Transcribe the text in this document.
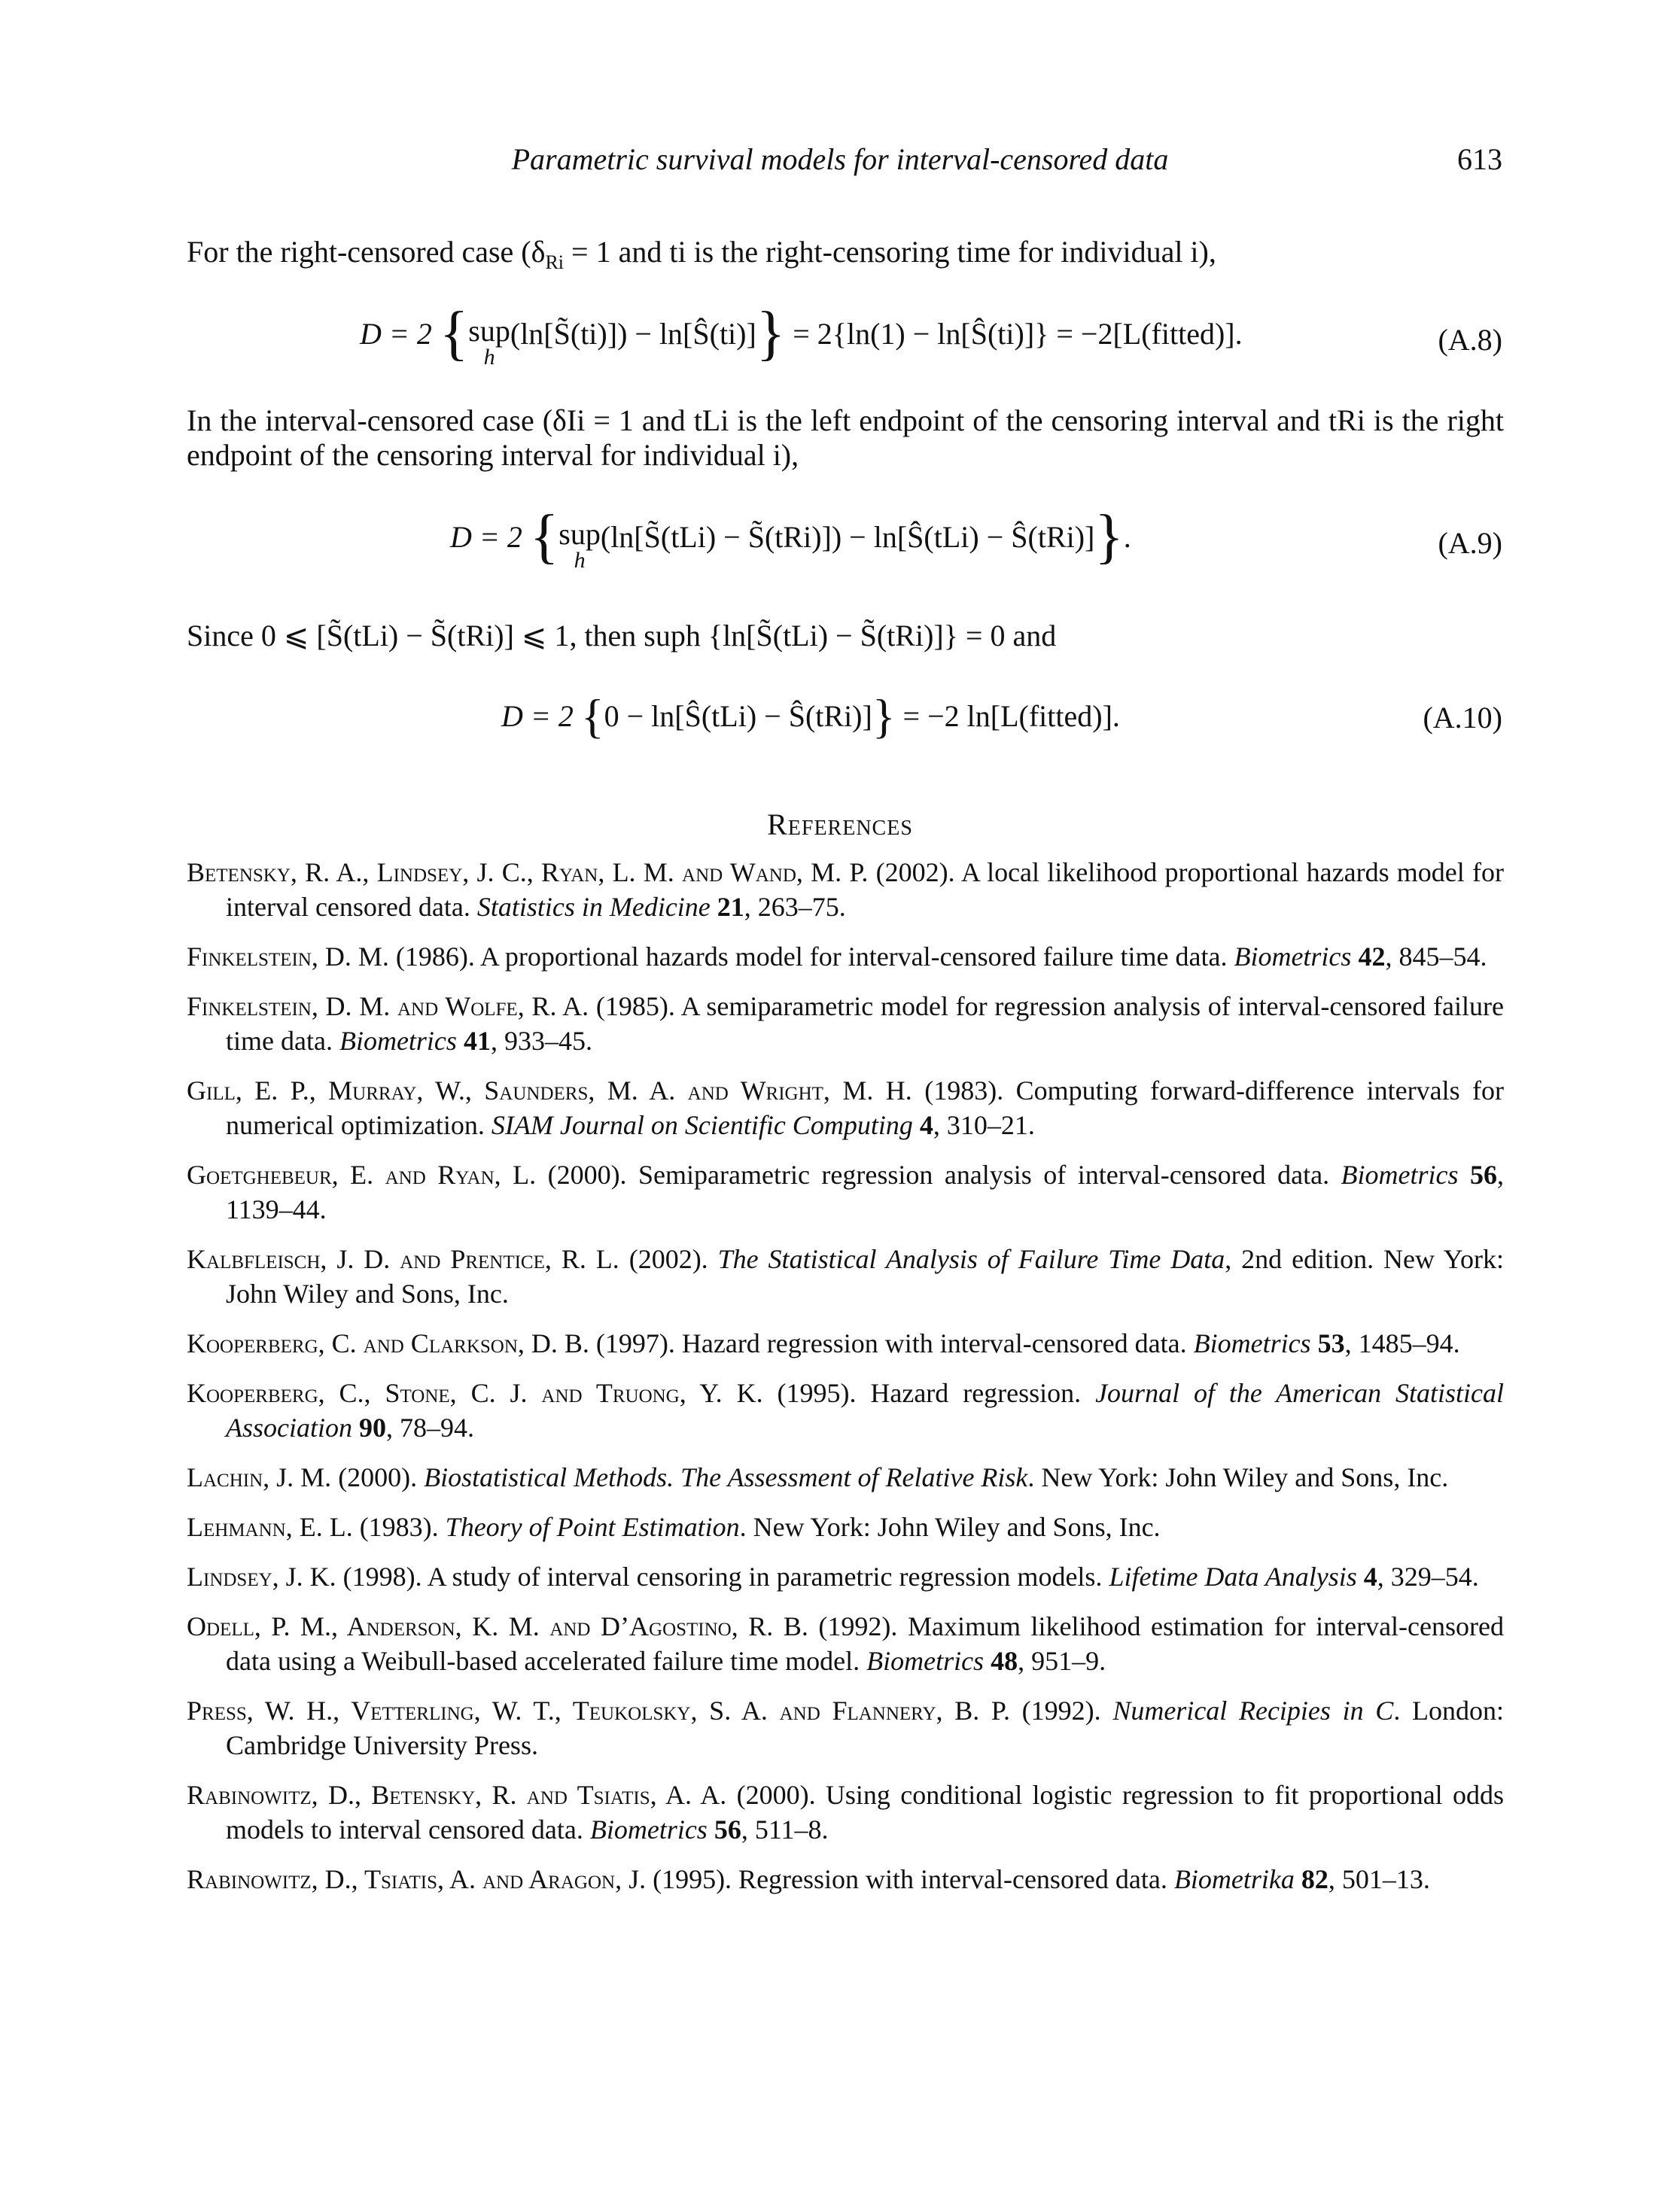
Parametric survival models for interval-censored data	613
For the right-censored case ($\delta_{Ri} = 1$ and ti is the right-censoring time for individual i),
D = 2 {sup
h
(ln[S̃(ti)]) − ln[Ŝ(ti)]} = 2{ln(1) − ln[Ŝ(ti)]} = −2[L(fitted)].	(A.8)
In the interval-censored case (δIi = 1 and tLi is the left endpoint of the censoring interval and tRi is the right endpoint of the censoring interval for individual i),
D = 2 {sup
h
(ln[S̃(tLi) − S̃(tRi)]) − ln[Ŝ(tLi) − Ŝ(tRi)]}.	(A.9)
Since 0 ⩽ [S̃(tLi) − S̃(tRi)] ⩽ 1, then suph {ln[S̃(tLi) − S̃(tRi)]} = 0 and
D = 2 {0 − ln[Ŝ(tLi) − Ŝ(tRi)]} = −2 ln[L(fitted)].	(A.10)
References
Betensky, R. A., Lindsey, J. C., Ryan, L. M. and Wand, M. P. (2002). A local likelihood proportional hazards model for interval censored data. Statistics in Medicine 21, 263–75.
Finkelstein, D. M. (1986). A proportional hazards model for interval-censored failure time data. Biometrics 42, 845–54.
Finkelstein, D. M. and Wolfe, R. A. (1985). A semiparametric model for regression analysis of interval-censored failure time data. Biometrics 41, 933–45.
Gill, E. P., Murray, W., Saunders, M. A. and Wright, M. H. (1983). Computing forward-difference intervals for numerical optimization. SIAM Journal on Scientific Computing 4, 310–21.
Goetghebeur, E. and Ryan, L. (2000). Semiparametric regression analysis of interval-censored data. Biometrics 56, 1139–44.
Kalbfleisch, J. D. and Prentice, R. L. (2002). The Statistical Analysis of Failure Time Data, 2nd edition. New York: John Wiley and Sons, Inc.
Kooperberg, C. and Clarkson, D. B. (1997). Hazard regression with interval-censored data. Biometrics 53, 1485–94.
Kooperberg, C., Stone, C. J. and Truong, Y. K. (1995). Hazard regression. Journal of the American Statistical Association 90, 78–94.
Lachin, J. M. (2000). Biostatistical Methods. The Assessment of Relative Risk. New York: John Wiley and Sons, Inc.
Lehmann, E. L. (1983). Theory of Point Estimation. New York: John Wiley and Sons, Inc.
Lindsey, J. K. (1998). A study of interval censoring in parametric regression models. Lifetime Data Analysis 4, 329–54.
Odell, P. M., Anderson, K. M. and D’Agostino, R. B. (1992). Maximum likelihood estimation for interval-censored data using a Weibull-based accelerated failure time model. Biometrics 48, 951–9.
Press, W. H., Vetterling, W. T., Teukolsky, S. A. and Flannery, B. P. (1992). Numerical Recipies in C. London: Cambridge University Press.
Rabinowitz, D., Betensky, R. and Tsiatis, A. A. (2000). Using conditional logistic regression to fit proportional odds models to interval censored data. Biometrics 56, 511–8.
Rabinowitz, D., Tsiatis, A. and Aragon, J. (1995). Regression with interval-censored data. Biometrika 82, 501–13.
